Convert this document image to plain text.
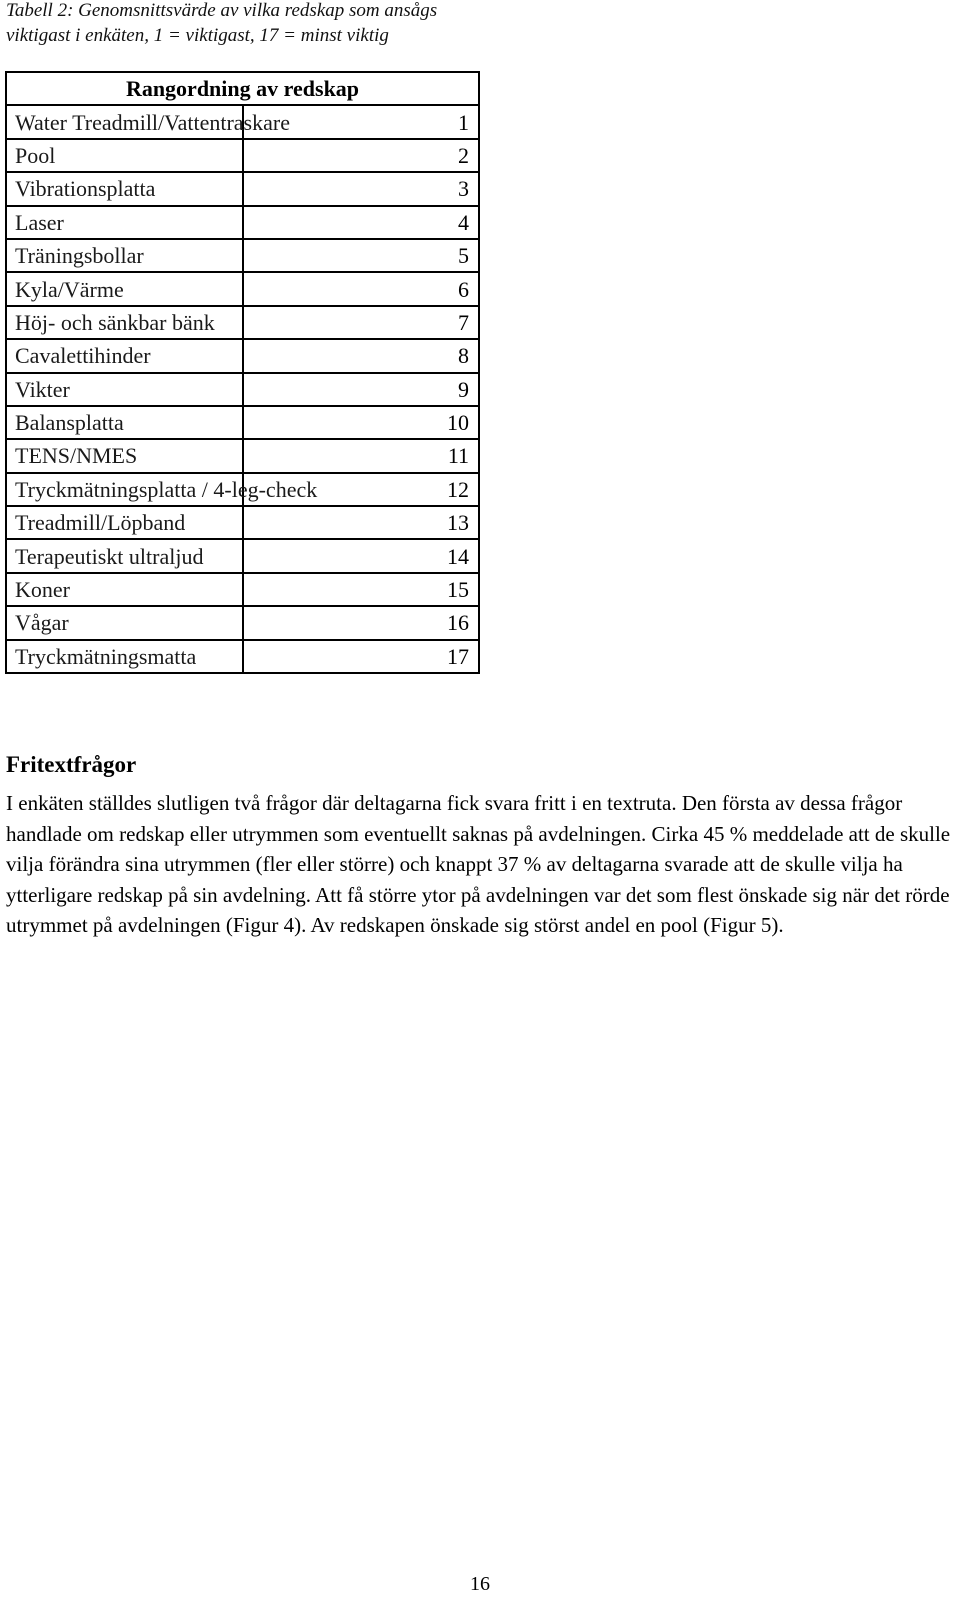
Tabell 2: Genomsnittsvärde av vilka redskap som ansågs viktigast i enkäten, 1 = viktigast, 17 = minst viktig
Rangordning av redskap	
Water Treadmill/Vattentraskare	1
Pool	2
Vibrationsplatta	3
Laser	4
Träningsbollar	5
Kyla/Värme	6
Höj- och sänkbar bänk	7
Cavalettihinder	8
Vikter	9
Balansplatta	10
TENS/NMES	11
Tryckmätningsplatta / 4-leg-check	12
Treadmill/Löpband	13
Terapeutiskt ultraljud	14
Koner	15
Vågar	16
Tryckmätningsmatta	17
Fritextfrågor

I enkäten ställdes slutligen två frågor där deltagarna fick svara fritt i en textruta. Den första av dessa frågor handlade om redskap eller utrymmen som eventuellt saknas på avdelningen. Cirka 45 % meddelade att de skulle vilja förändra sina utrymmen (fler eller större) och knappt 37 % av deltagarna svarade att de skulle vilja ha ytterligare redskap på sin avdelning. Att få större ytor på avdelningen var det som flest önskade sig när det rörde utrymmet på avdelningen (Figur 4). Av redskapen önskade sig störst andel en pool (Figur 5).

16
